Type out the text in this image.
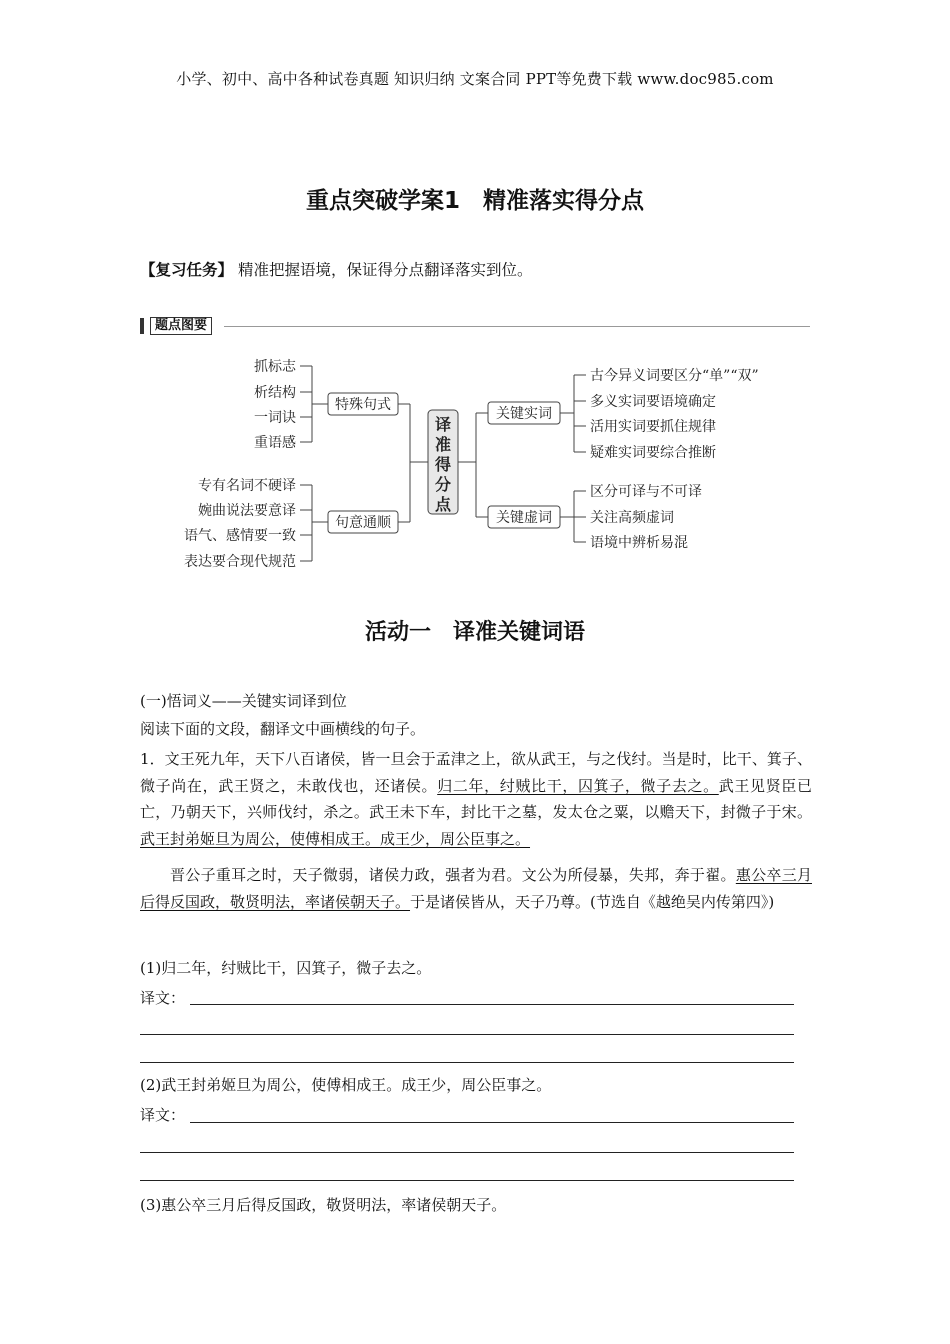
小学、初中、高中各种试卷真题 知识归纳 文案合同 PPT等免费下载 www.doc985.com
重点突破学案1　精准落实得分点
【复习任务】 精准把握语境，保证得分点翻译落实到位。
题点图要
抓标志
析结构
一词诀
重语感
专有名词不硬译
婉曲说法要意译
语气、感情要一致
表达要合现代规范
特殊句式
句意通顺
关键实词
关键虚词
译
准
得
分
点
古今异义词要区分“单”“双”
多义实词要语境确定
活用实词要抓住规律
疑难实词要综合推断
区分可译与不可译
关注高频虚词
语境中辨析易混
活动一　译准关键词语
(一)悟词义——关键实词译到位
阅读下面的文段，翻译文中画横线的句子。
1．文王死九年，天下八百诸侯，皆一旦会于孟津之上，欲从武王，与之伐纣。当是时，比干、箕子、微子尚在，武王贤之，未敢伐也，还诸侯。归二年，纣贼比干，囚箕子，微子去之。武王见贤臣已亡，乃朝天下，兴师伐纣，杀之。武王未下车，封比干之墓，发太仓之粟，以赡天下，封微子于宋。武王封弟姬旦为周公，使傅相成王。成王少，周公臣事之。
晋公子重耳之时，天子微弱，诸侯力政，强者为君。文公为所侵暴，失邦，奔于翟。惠公卒三月后得反国政，敬贤明法，率诸侯朝天子。于是诸侯皆从，天子乃尊。(节选自《越绝吴内传第四》)
(1)归二年，纣贼比干，囚箕子，微子去之。
译文：
(2)武王封弟姬旦为周公，使傅相成王。成王少，周公臣事之。
译文：
(3)惠公卒三月后得反国政，敬贤明法，率诸侯朝天子。
